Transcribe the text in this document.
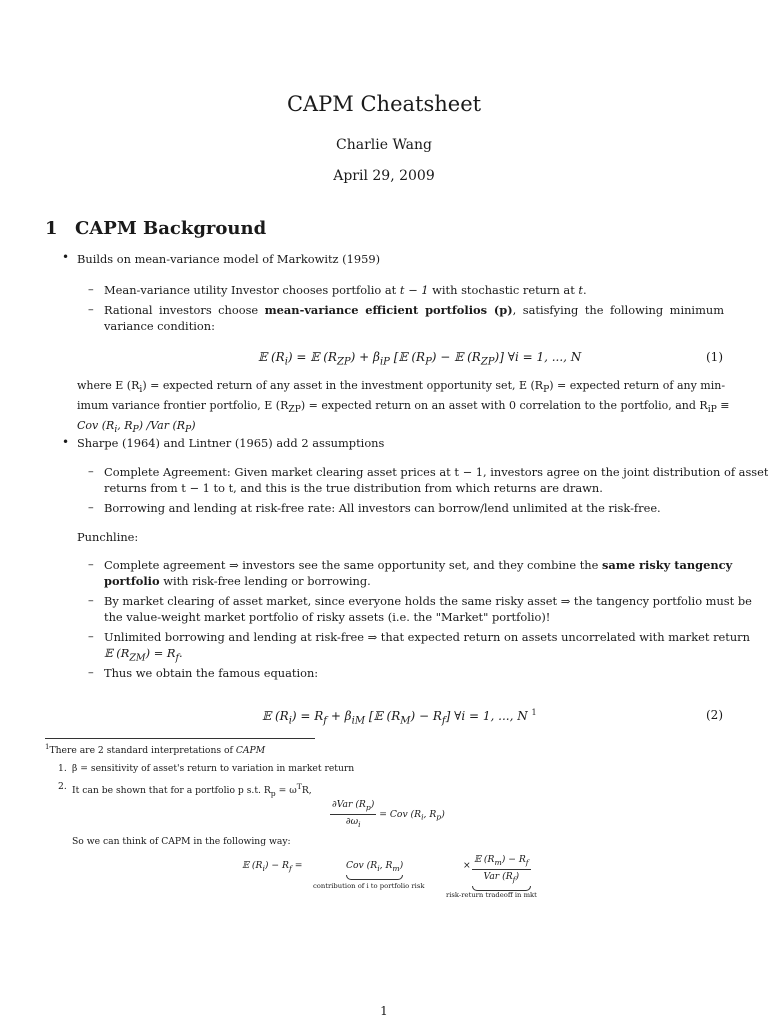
CAPM Cheatsheet
Charlie Wang
April 29, 2009
1 CAPM Background
• Builds on mean-variance model of Markowitz (1959)
– Mean-variance utility Investor chooses portfolio at t − 1 with stochastic return at t.
– Rational investors choose mean-variance efficient portfolios (p), satisfying the following minimum variance condition:
𝔼 $(R_i)$ = 𝔼 $(R_{ZP}) + \beta_{iP}$ [𝔼 $(R_P)$ − 𝔼 $(R_{ZP})$] ∀i = 1, ..., N	(1)
where E $(R_i)$ = expected return of any asset in the investment opportunity set, E $(R_P)$ = expected return of any min-
imum variance frontier portfolio, E $(R_{ZP})$ = expected return on an asset with 0 correlation to the portfolio, and $R_{iP}$ ≡
Cov ($R_i$, $R_P$) /Var $(R_P)$
• Sharpe (1964) and Lintner (1965) add 2 assumptions
– Complete Agreement: Given market clearing asset prices at t − 1, investors agree on the joint distribution of asset
returns from t − 1 to t, and this is the true distribution from which returns are drawn.
– Borrowing and lending at risk-free rate: All investors can borrow/lend unlimited at the risk-free.
Punchline:
– Complete agreement ⇒ investors see the same opportunity set, and they combine the same risky tangency
portfolio with risk-free lending or borrowing.
– By market clearing of asset market, since everyone holds the same risky asset ⇒ the tangency portfolio must be
the value-weight market portfolio of risky assets (i.e. the "Market" portfolio)!
– Unlimited borrowing and lending at risk-free ⇒ that expected return on assets uncorrelated with market return
𝔼 $(R_{ZM}) = R_f$.
– Thus we obtain the famous equation:
𝔼 $(R_i) = R_f + \beta_{iM}$ [𝔼 $(R_M) - R_f$] ∀i = 1, ..., N $^1$	(2)
$^1$There are 2 standard interpretations of CAPM
1. β = sensitivity of asset's return to variation in market return
2. It can be shown that for a portfolio p s.t. $R_p = \omega^TR$,
$\frac{\partial Var (R_p)}{\partial\omega_i}$ = Cov ($R_i$, $R_p$)
So we can think of CAPM in the following way:
𝔼 $(R_i) - R_f$ =	Cov ($R_i$, $R_m$)
contribution of i to portfolio risk
× $\frac{𝔼 (R_m) - R_f}{Var (R_f)}$
risk-return tradeoff in mkt
1
